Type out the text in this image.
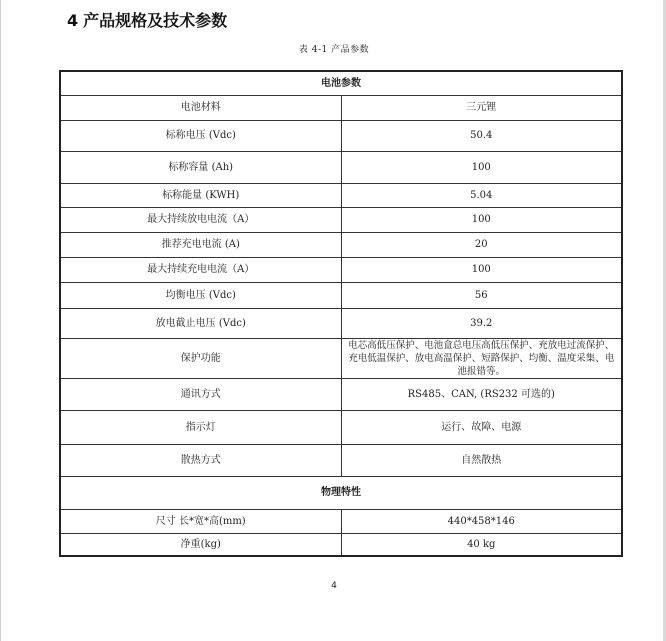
4 产品规格及技术参数
表 4-1 产品参数
电池参数	
电池材料	三元锂
标称电压 (Vdc)	50.4
标称容量 (Ah)	100
标称能量 (KWH)	5.04
最大持续放电电流（A）	100
推荐充电电流 (A)	20
最大持续充电电流（A）	100
均衡电压 (Vdc)	56
放电截止电压 (Vdc)	39.2
保护功能	电芯高低压保护、电池盒总电压高低压保护、充放电过流保护、充电低温保护、放电高温保护、短路保护、均衡、温度采集、电池报错等。
通讯方式	RS485、CAN, (RS232 可选的)
指示灯	运行、故障、电源
散热方式	自然散热
物理特性	
尺寸 长*宽*高(mm)	440*458*146
净重(kg)	40 kg
4
